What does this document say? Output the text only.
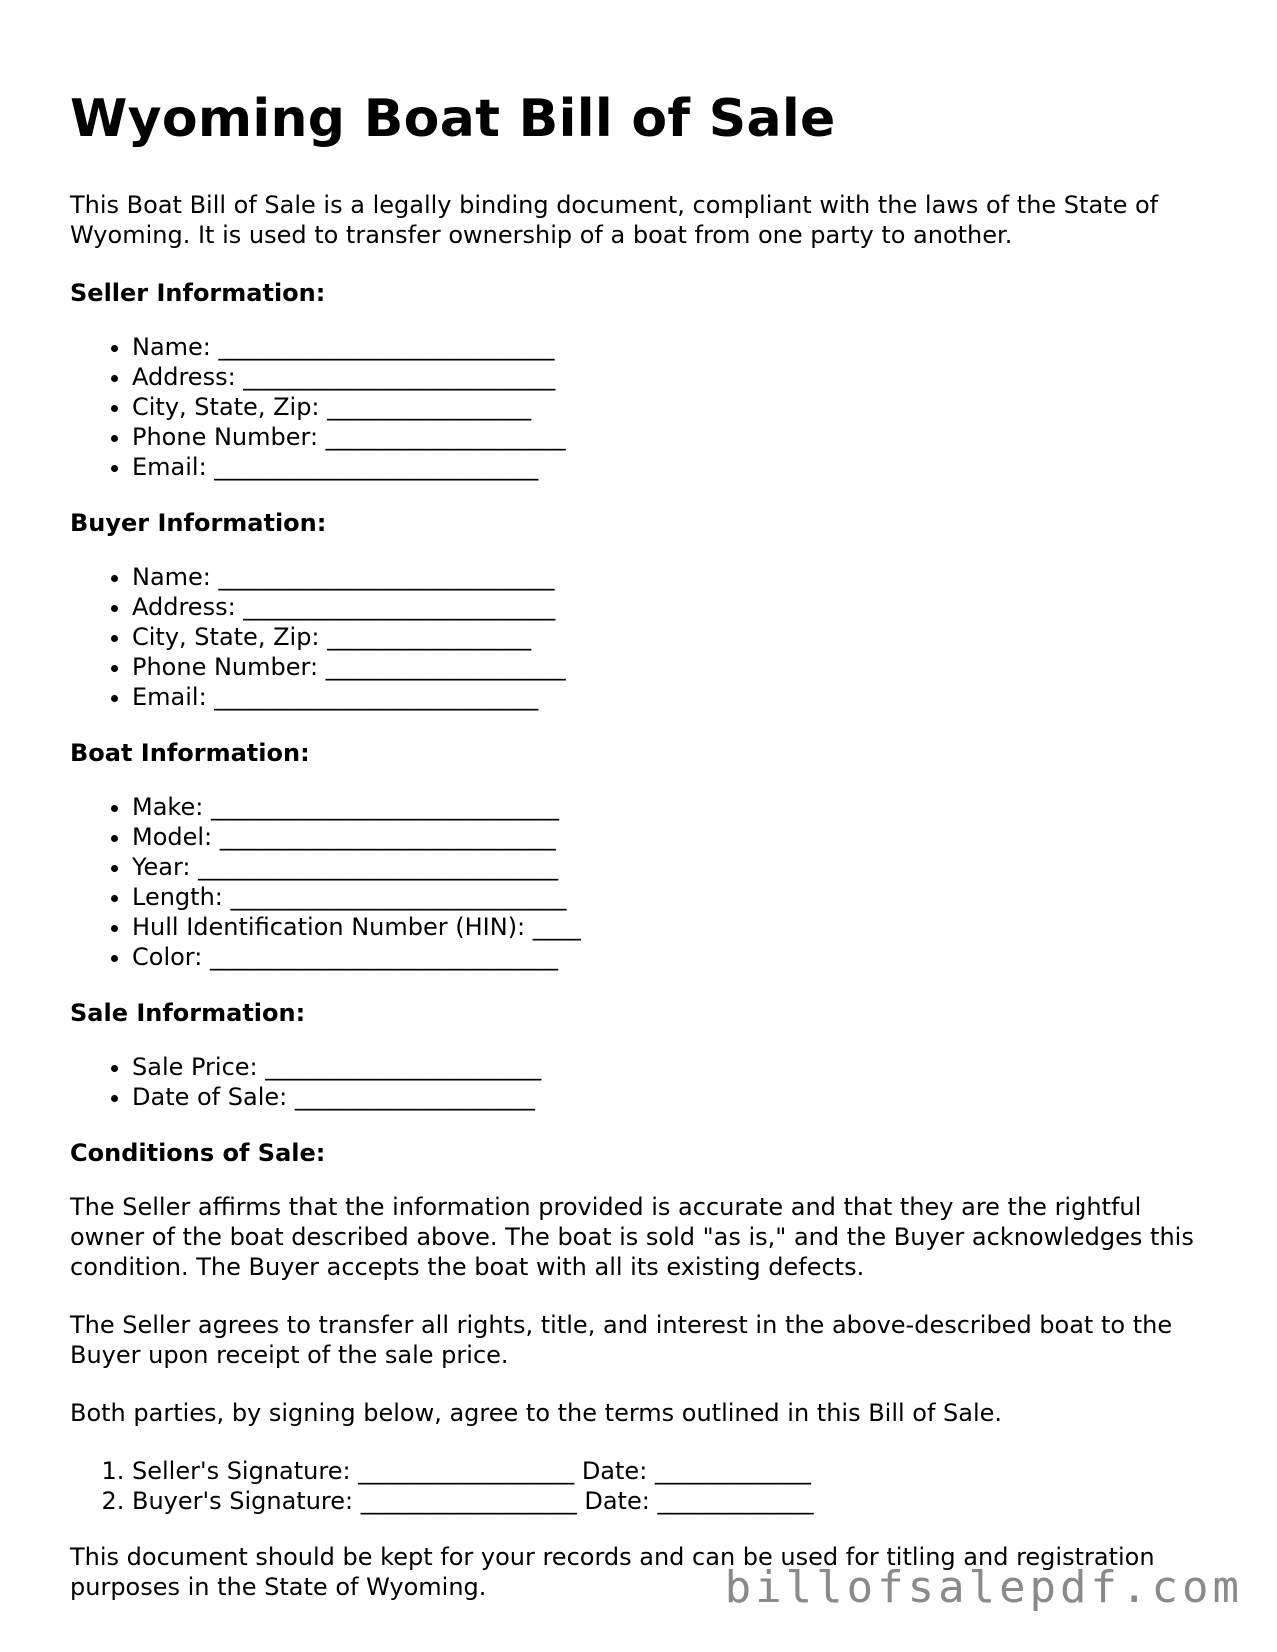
Wyoming Boat Bill of Sale

This Boat Bill of Sale is a legally binding document, compliant with the laws of the State of Wyoming. It is used to transfer ownership of a boat from one party to another.

Seller Information:
• Name: ____________________________
• Address: __________________________
• City, State, Zip: _________________
• Phone Number: ____________________
• Email: ___________________________
Buyer Information:
• Name: ____________________________
• Address: __________________________
• City, State, Zip: _________________
• Phone Number: ____________________
• Email: ___________________________
Boat Information:
• Make: _____________________________
• Model: ____________________________
• Year: ______________________________
• Length: ____________________________
• Hull Identification Number (HIN): ____
• Color: _____________________________
Sale Information:
• Sale Price: _______________________
• Date of Sale: ____________________
Conditions of Sale:

The Seller affirms that the information provided is accurate and that they are the rightful owner of the boat described above. The boat is sold "as is," and the Buyer acknowledges this condition. The Buyer accepts the boat with all its existing defects.

The Seller agrees to transfer all rights, title, and interest in the above-described boat to the Buyer upon receipt of the sale price.

Both parties, by signing below, agree to the terms outlined in this Bill of Sale.

1. Seller's Signature: __________________ Date: _____________
2. Buyer's Signature: __________________ Date: _____________

This document should be kept for your records and can be used for titling and registration purposes in the State of Wyoming.	billofsalepdf.com
